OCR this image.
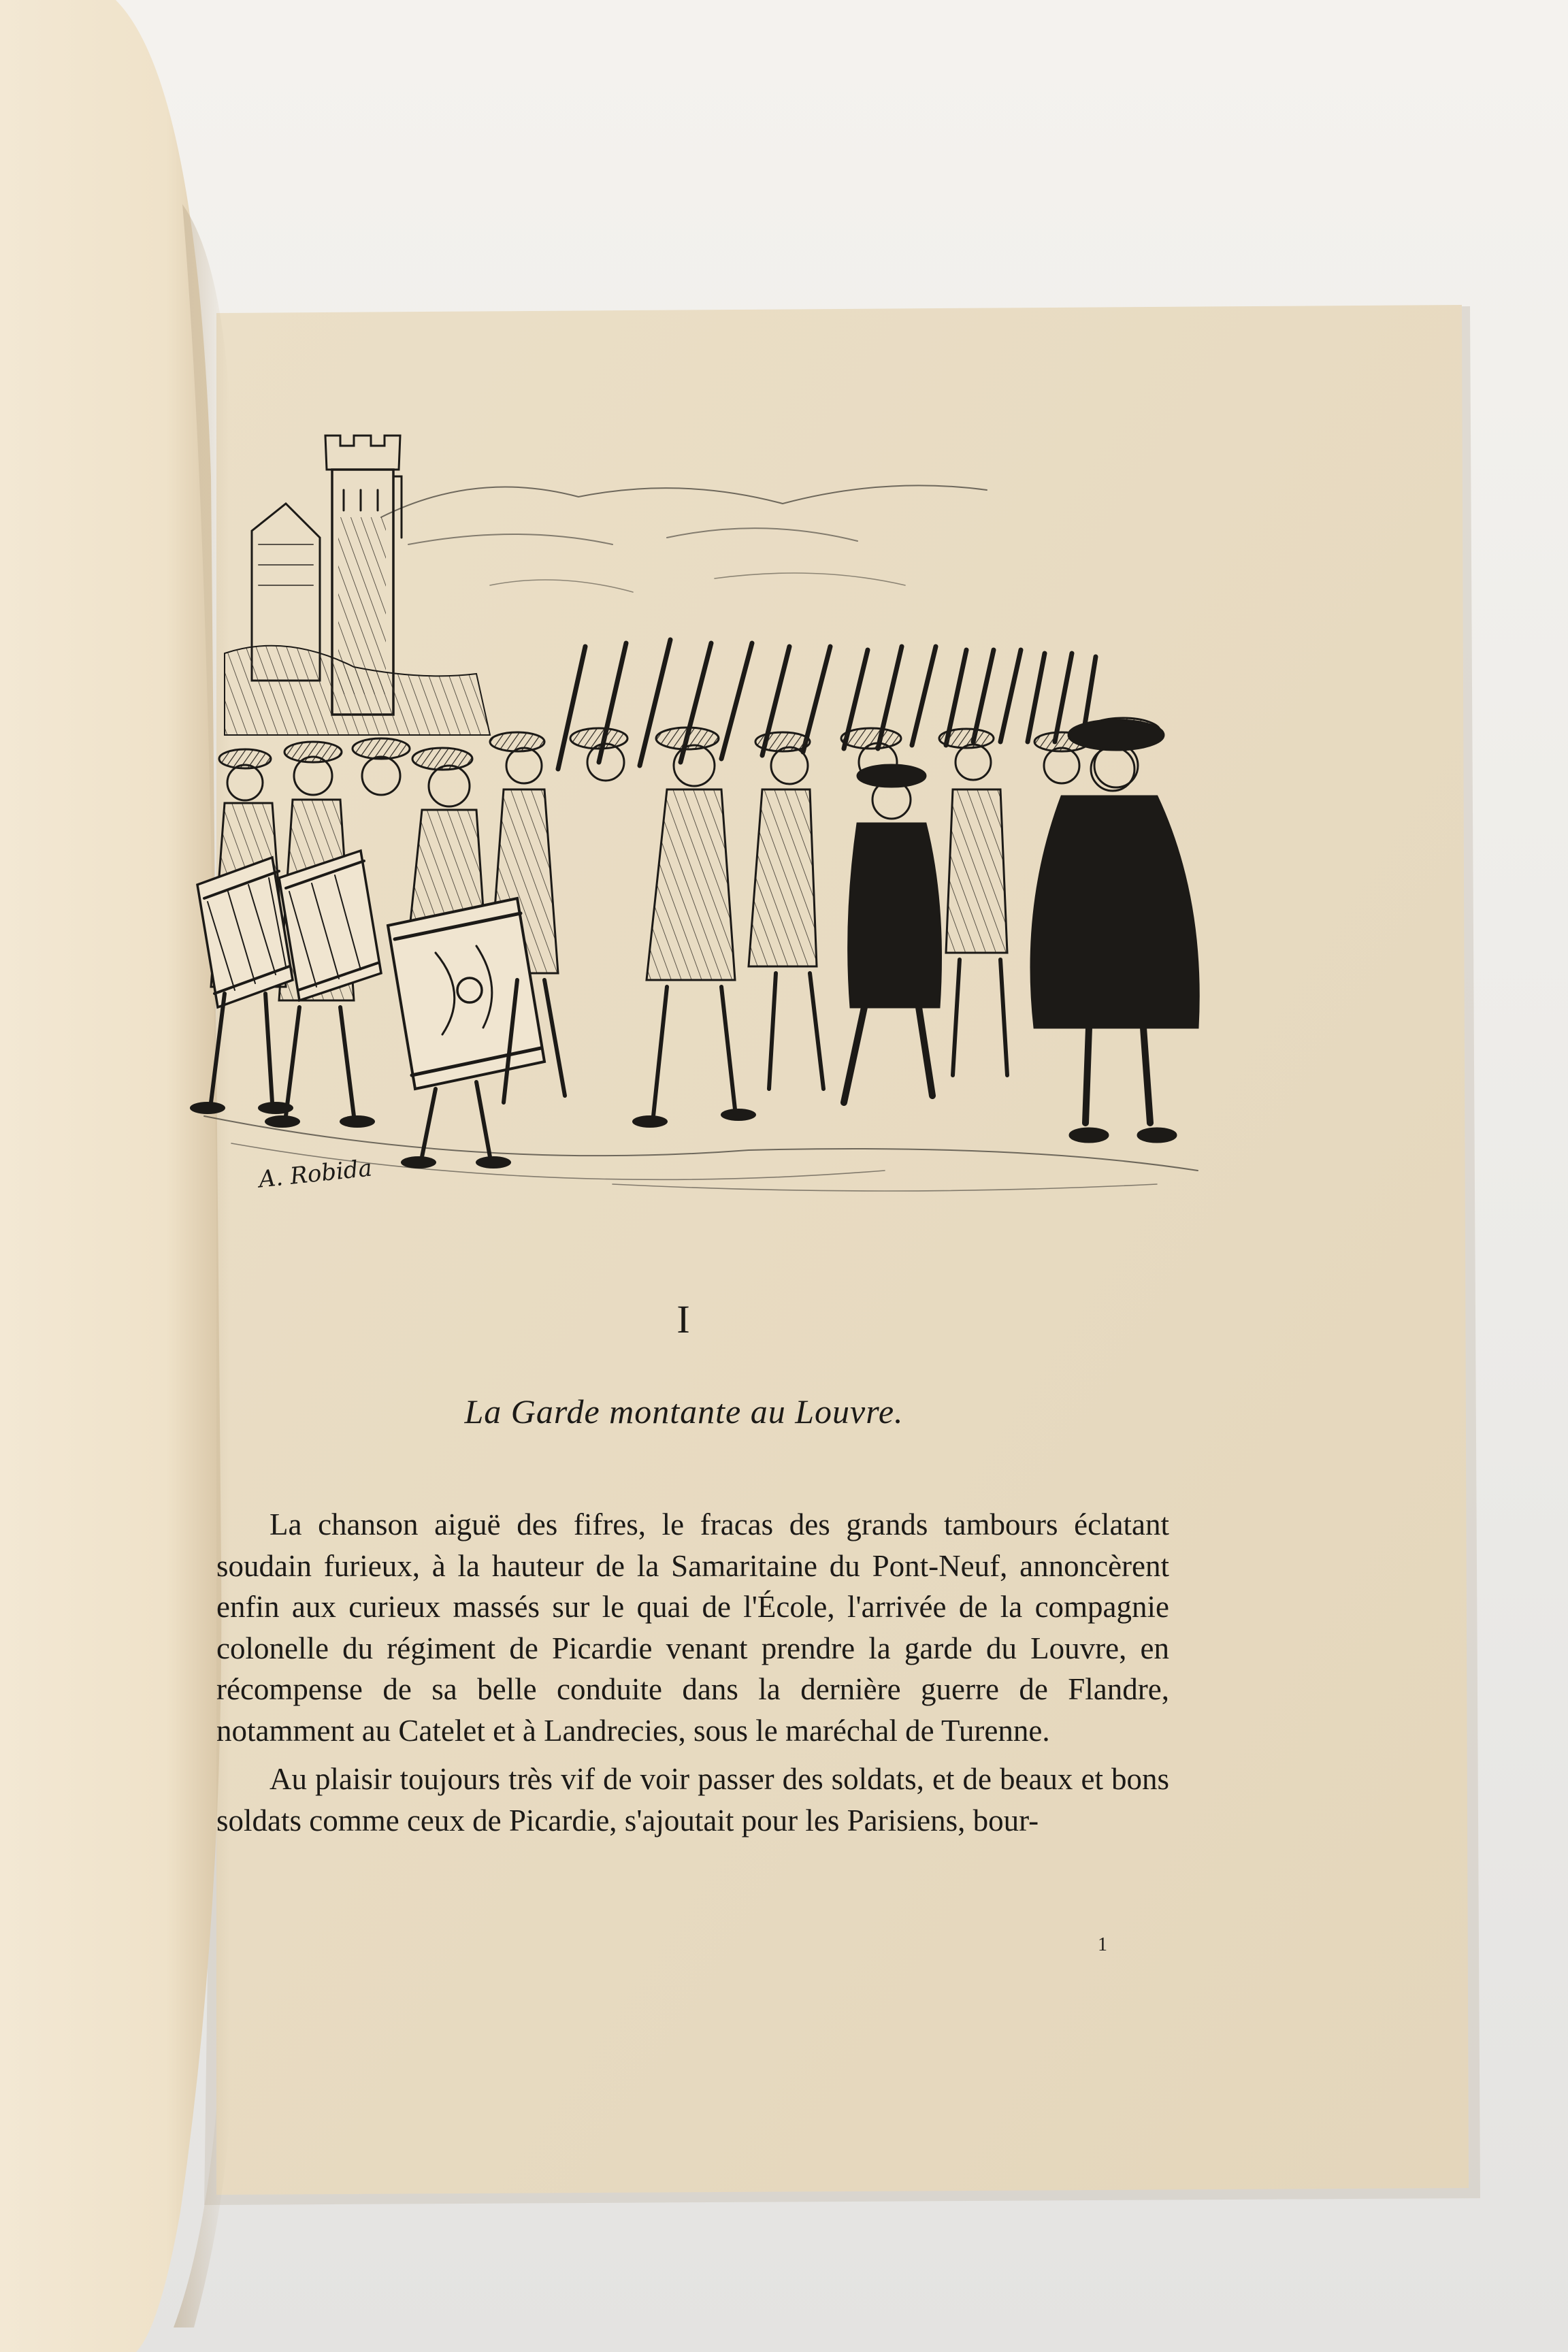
A. Robida
I
La Garde montante au Louvre.

La chanson aiguë des fifres, le fracas des grands tambours éclatant soudain furieux, à la hauteur de la Samaritaine du Pont-Neuf, annoncèrent enfin aux curieux massés sur le quai de l'École, l'arrivée de la compagnie colonelle du régiment de Picardie venant prendre la garde du Louvre, en récompense de sa belle conduite dans la dernière guerre de Flandre, notamment au Catelet et à Landrecies, sous le maréchal de Turenne.

Au plaisir toujours très vif de voir passer des soldats, et de beaux et bons soldats comme ceux de Picardie, s'ajoutait pour les Parisiens, bour-

1
